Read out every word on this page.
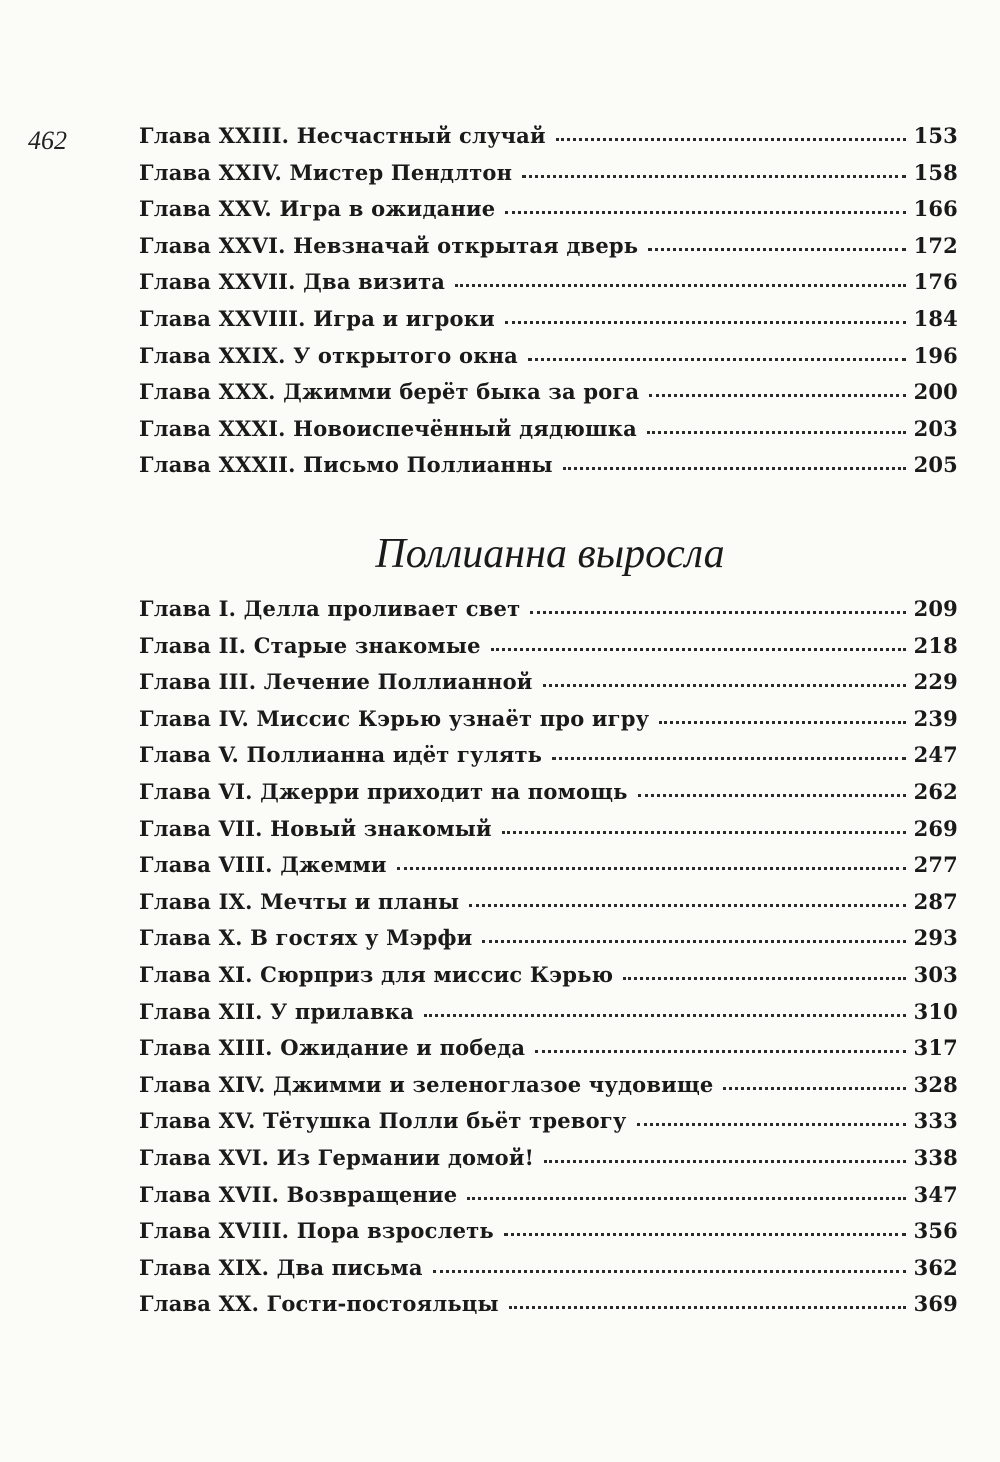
462	Глава XXIII. Несчастный случай	153
Глава XXIV. Мистер Пендлтон	158
Глава XXV. Игра в ожидание	166
Глава XXVI. Невзначай открытая дверь	172
Глава XXVII. Два визита	176
Глава XXVIII. Игра и игроки	184
Глава XXIX. У открытого окна	196
Глава XXX. Джимми берёт быка за рога	200
Глава XXXI. Новоиспечённый дядюшка	203
Глава XXXII. Письмо Поллианны	205
Поллианна выросла
Глава I. Делла проливает свет	209
Глава II. Старые знакомые	218
Глава III. Лечение Поллианной	229
Глава IV. Миссис Кэрью узнаёт про игру	239
Глава V. Поллианна идёт гулять	247
Глава VI. Джерри приходит на помощь	262
Глава VII. Новый знакомый	269
Глава VIII. Джемми	277
Глава IX. Мечты и планы	287
Глава X. В гостях у Мэрфи	293
Глава XI. Сюрприз для миссис Кэрью	303
Глава XII. У прилавка	310
Глава XIII. Ожидание и победа	317
Глава XIV. Джимми и зеленоглазое чудовище	328
Глава XV. Тётушка Полли бьёт тревогу	333
Глава XVI. Из Германии домой!	338
Глава XVII. Возвращение	347
Глава XVIII. Пора взрослеть	356
Глава XIX. Два письма	362
Глава XX. Гости-постояльцы	369
